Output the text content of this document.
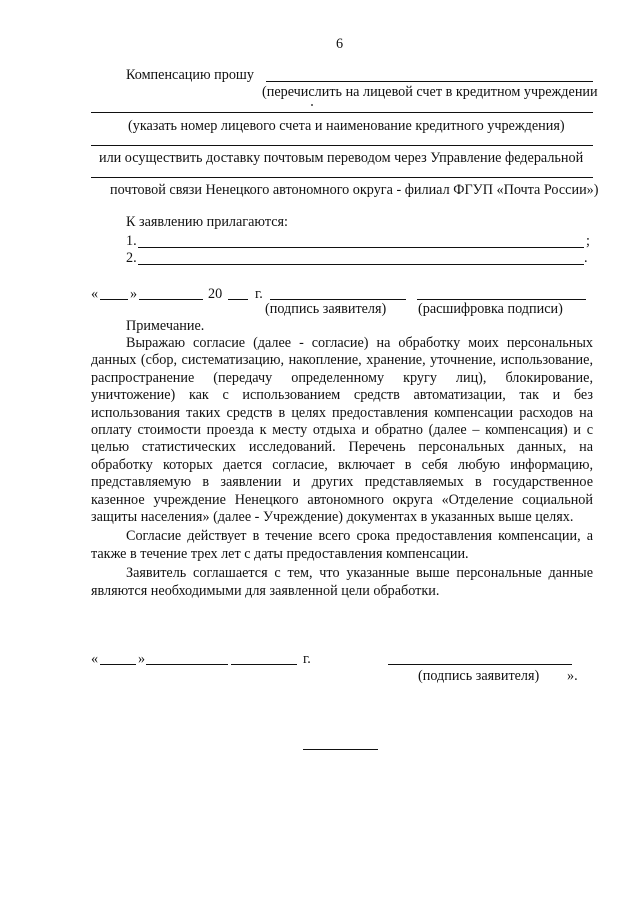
6
Компенсацию прошу
(перечислить на лицевой счет в кредитном учреждении
(указать номер лицевого счета и наименование кредитного учреждения)
или осуществить доставку почтовым переводом через Управление федеральной
почтовой связи Ненецкого автономного округа - филиал ФГУП «Почта России»)
К заявлению прилагаются:
1.	;
2.	.
« »	20 г.
(подпись заявителя) (расшифровка подписи)
Примечание.

Выражаю согласие (далее - согласие) на обработку моих персональных данных (сбор, систематизацию, накопление, хранение, уточнение, использование, распространение (передачу определенному кругу лиц), блокирование, уничтожение) как с использованием средств автоматизации, так и без использования таких средств в целях предоставления компенсации расходов на оплату стоимости проезда к месту отдыха и обратно (далее – компенсация) и с целью статистических исследований. Перечень персональных данных, на обработку которых дается согласие, включает в себя любую информацию, представляемую в заявлении и других представляемых в государственное казенное учреждение Ненецкого автономного округа «Отделение социальной защиты населения» (далее - Учреждение) документах в указанных выше целях.

Согласие действует в течение всего срока предоставления компенсации, а также в течение трех лет с даты предоставления компенсации.

Заявитель соглашается с тем, что указанные выше персональные данные являются необходимыми для заявленной цели обработки.

«	»	г.
(подпись заявителя) ».
